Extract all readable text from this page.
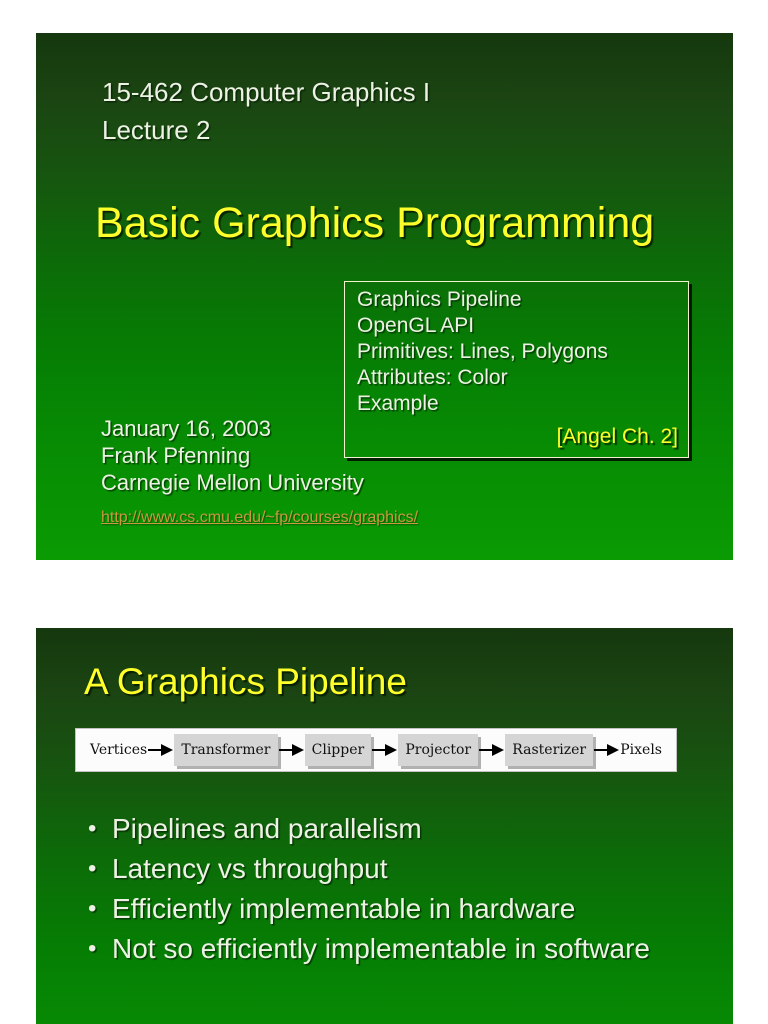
15-462 Computer Graphics I
Lecture 2
Basic Graphics Programming
Graphics Pipeline
OpenGL API
Primitives: Lines, Polygons
Attributes: Color
Example
[Angel Ch. 2]
January 16, 2003
Frank Pfenning
Carnegie Mellon University
http://www.cs.cmu.edu/~fp/courses/graphics/
A Graphics Pipeline
Vertices	Transformer	Clipper	Projector	Rasterizer	Pixels
• Pipelines and parallelism
• Latency vs throughput
• Efficiently implementable in hardware
• Not so efficiently implementable in software
